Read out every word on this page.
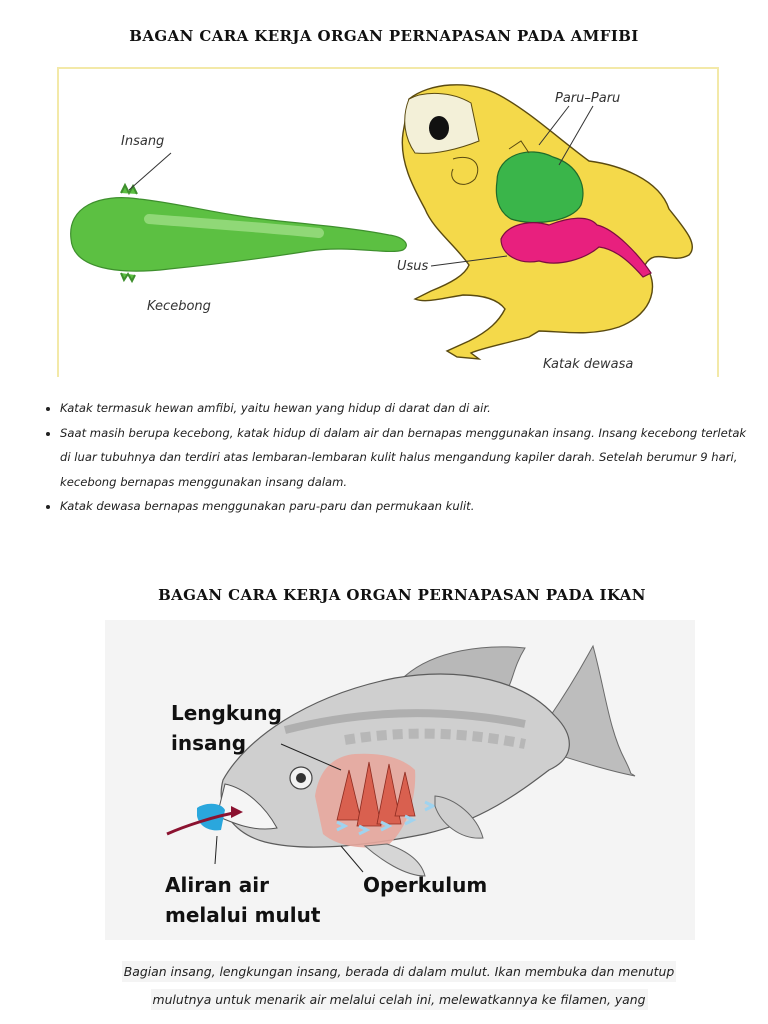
BAGAN CARA KERJA ORGAN PERNAPASAN PADA AMFIBI
Insang
Kecebong
Paru–Paru
Usus
Katak dewasa
• Katak termasuk hewan amfibi, yaitu hewan yang hidup di darat dan di air.
• Saat masih berupa kecebong, katak hidup di dalam air dan bernapas menggunakan insang. Insang kecebong terletak di luar tubuhnya dan terdiri atas lembaran-lembaran kulit halus mengandung kapiler darah. Setelah berumur 9 hari, kecebong bernapas menggunakan insang dalam.
• Katak dewasa bernapas menggunakan paru-paru dan permukaan kulit.
BAGAN CARA KERJA ORGAN PERNAPASAN PADA IKAN
Lengkung
insang
Aliran air
melalui mulut
Operkulum
Bagian insang, lengkungan insang, berada di dalam mulut. Ikan membuka dan menutup
mulutnya untuk menarik air melalui celah ini, melewatkannya ke filamen, yang
